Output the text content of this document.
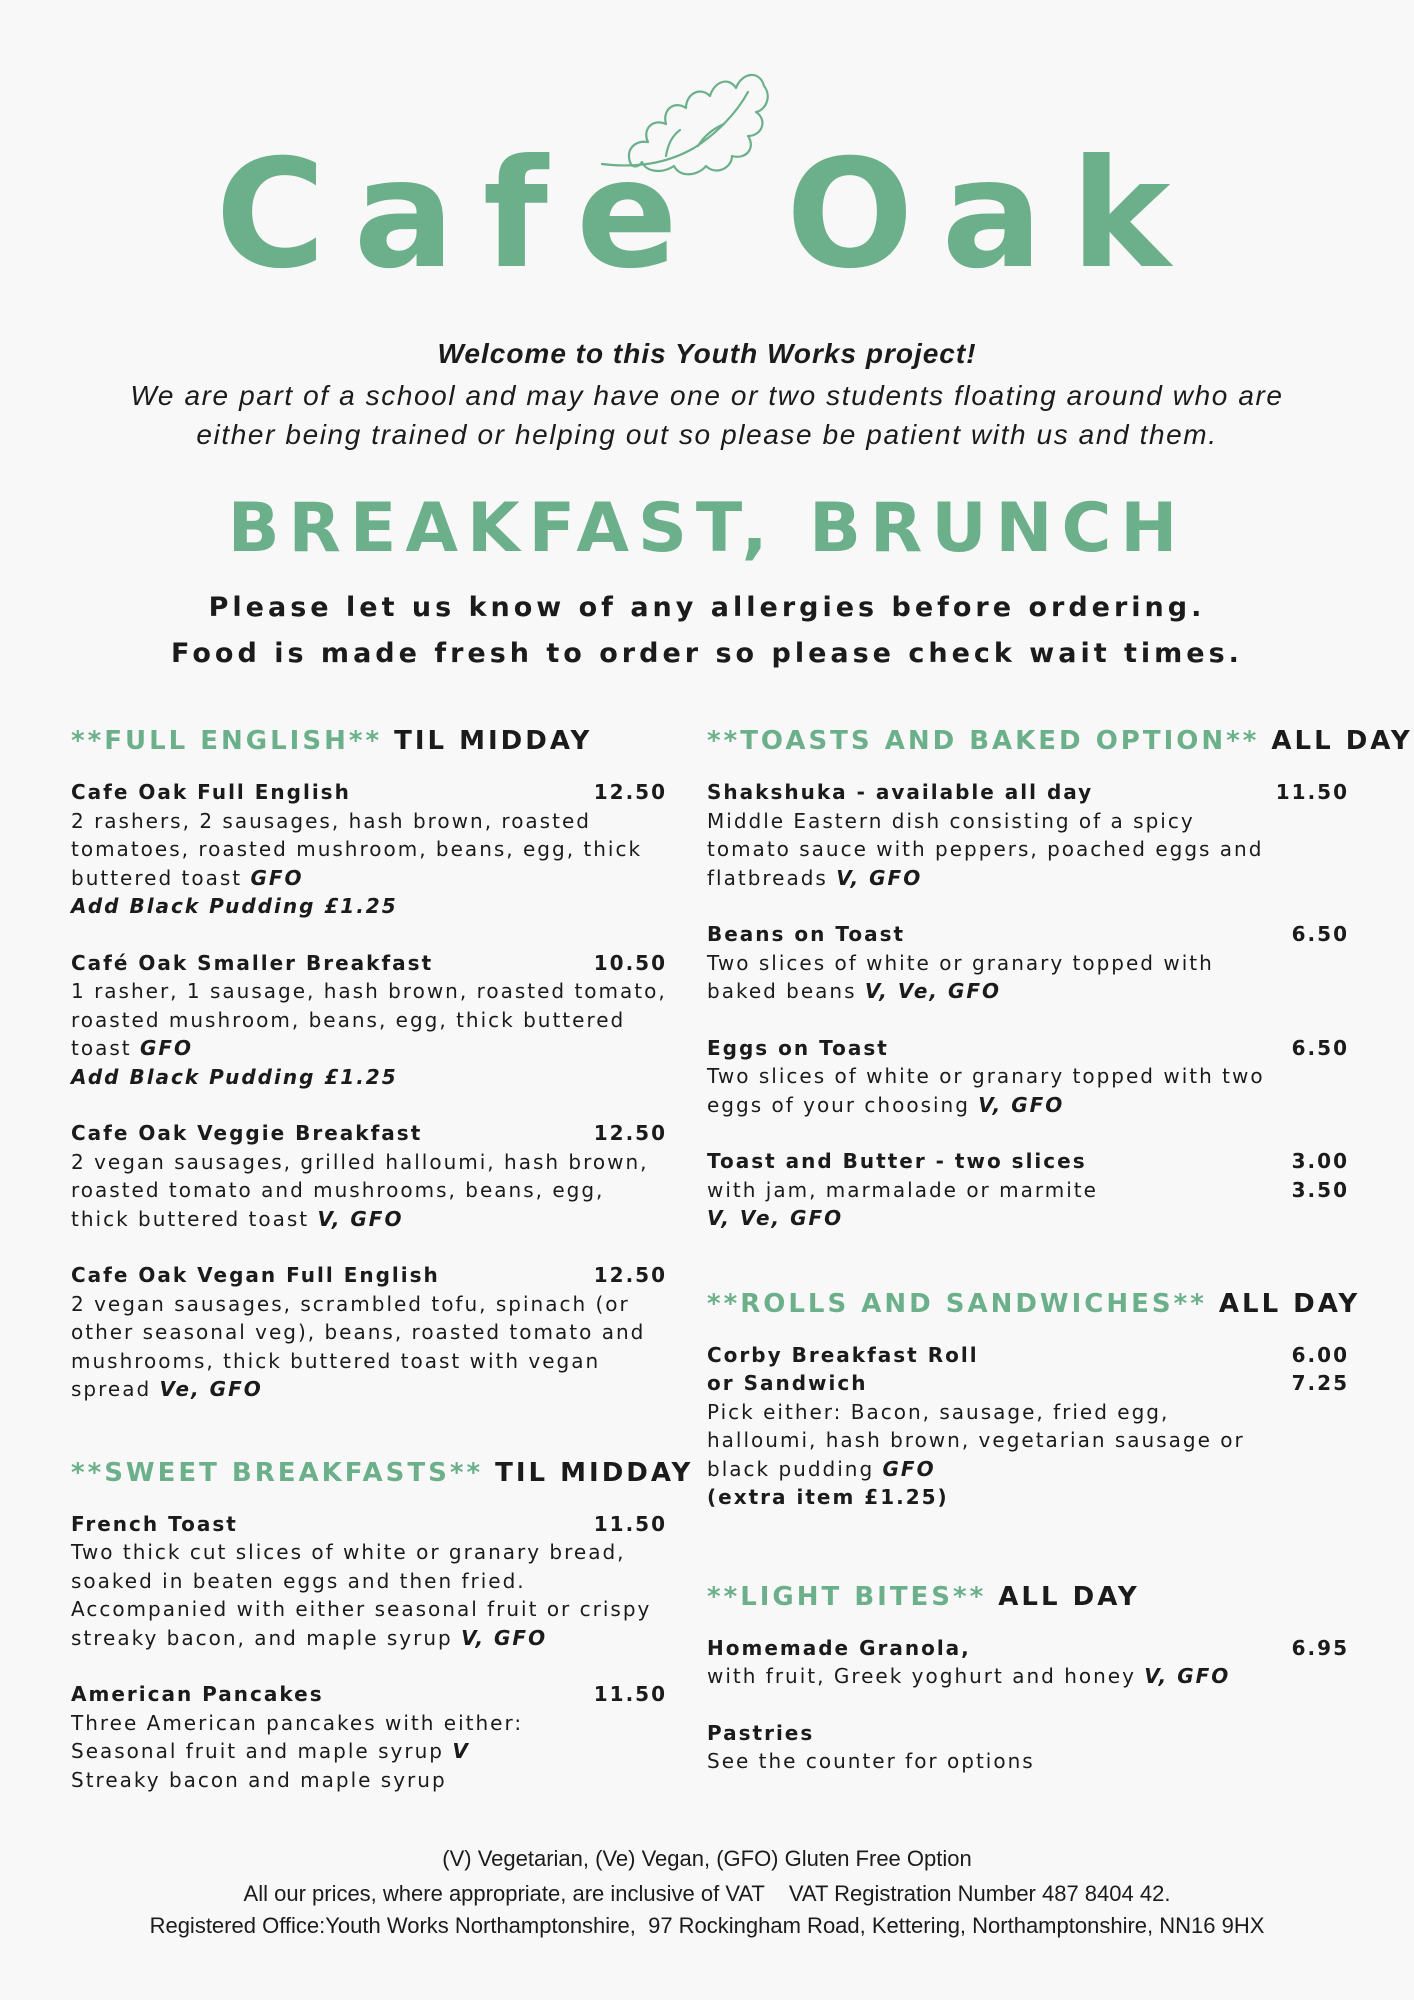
Cafe Oak
Welcome to this Youth Works project!
We are part of a school and may have one or two students floating around who are
either being trained or helping out so please be patient with us and them.
BREAKFAST, BRUNCH
Please let us know of any allergies before ordering.
Food is made fresh to order so please check wait times.
**FULL ENGLISH** TIL MIDDAY
Cafe Oak Full English	12.50
2 rashers, 2 sausages, hash brown, roasted tomatoes, roasted mushroom, beans, egg, thick buttered toast GFO
Add Black Pudding £1.25
Café Oak Smaller Breakfast	10.50
1 rasher, 1 sausage, hash brown, roasted tomato, roasted mushroom, beans, egg, thick buttered toast GFO
Add Black Pudding £1.25
Cafe Oak Veggie Breakfast	12.50
2 vegan sausages, grilled halloumi, hash brown, roasted tomato and mushrooms, beans, egg, thick buttered toast V, GFO
Cafe Oak Vegan Full English	12.50
2 vegan sausages, scrambled tofu, spinach (or other seasonal veg), beans, roasted tomato and mushrooms, thick buttered toast with vegan spread Ve, GFO
**SWEET BREAKFASTS** TIL MIDDAY
French Toast	11.50
Two thick cut slices of white or granary bread, soaked in beaten eggs and then fried. Accompanied with either seasonal fruit or crispy streaky bacon, and maple syrup V, GFO
American Pancakes	11.50
Three American pancakes with either:
Seasonal fruit and maple syrup V
Streaky bacon and maple syrup
**TOASTS AND BAKED OPTION** ALL DAY
Shakshuka - available all day	11.50
Middle Eastern dish consisting of a spicy tomato sauce with peppers, poached eggs and flatbreads V, GFO
Beans on Toast	6.50
Two slices of white or granary topped with baked beans V, Ve, GFO
Eggs on Toast	6.50
Two slices of white or granary topped with two eggs of your choosing V, GFO
Toast and Butter - two slices	3.00
with jam, marmalade or marmite	3.50
V, Ve, GFO
**ROLLS AND SANDWICHES** ALL DAY
Corby Breakfast Roll	6.00
or Sandwich	7.25
Pick either: Bacon, sausage, fried egg, halloumi, hash brown, vegetarian sausage or black pudding GFO
(extra item £1.25)
**LIGHT BITES** ALL DAY
Homemade Granola,	6.95
with fruit, Greek yoghurt and honey V, GFO
Pastries
See the counter for options
(V) Vegetarian, (Ve) Vegan, (GFO) Gluten Free Option
All our prices, where appropriate, are inclusive of VAT    VAT Registration Number 487 8404 42.
Registered Office:Youth Works Northamptonshire,  97 Rockingham Road, Kettering, Northamptonshire, NN16 9HX
